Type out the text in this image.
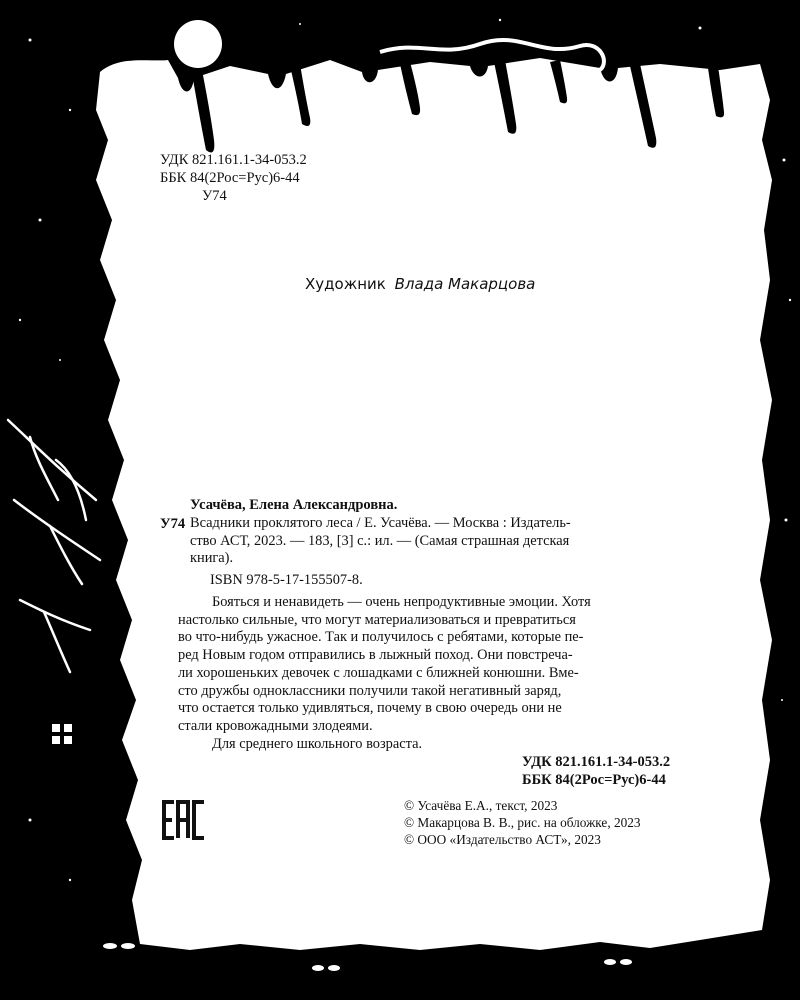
УДК 821.161.1-34-053.2
ББК 84(2Рос=Рус)6-44
У74
Художник Влада Макарцова
Усачёва, Елена Александровна.
У74 Всадники проклятого леса / Е. Усачёва. — Москва : Издатель-
ство АСТ, 2023. — 183, [3] с.: ил. — (Самая страшная детская
книга).
ISBN 978-5-17-155507-8.
Бояться и ненавидеть — очень непродуктивные эмоции. Хотя
настолько сильные, что могут материализоваться и превратиться
во что-нибудь ужасное. Так и получилось с ребятами, которые пе-
ред Новым годом отправились в лыжный поход. Они повстреча-
ли хорошеньких девочек с лошадками с ближней конюшни. Вме-
сто дружбы одноклассники получили такой негативный заряд,
что остается только удивляться, почему в свою очередь они не
стали кровожадными злодеями.
Для среднего школьного возраста.
УДК 821.161.1-34-053.2
ББК 84(2Рос=Рус)6-44
© Усачёва Е.А., текст, 2023
© Макарцова В. В., рис. на обложке, 2023
© ООО «Издательство АСТ», 2023
